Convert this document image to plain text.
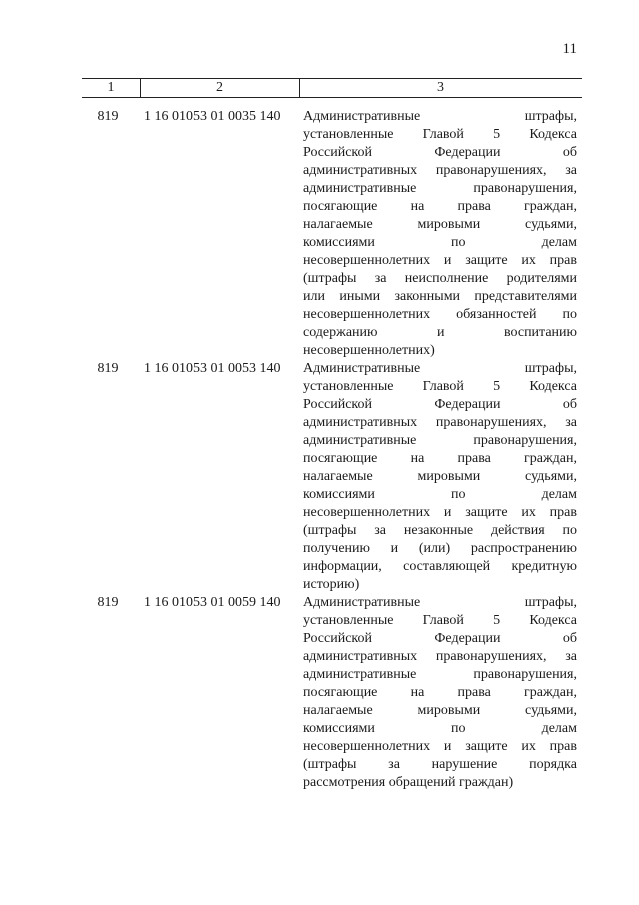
11
1	2	3
819	1 16 01053 01 0035 140	Административные штрафы,
установленные Главой 5 Кодекса
Российской Федерации об
административных правонарушениях, за
административные правонарушения,
посягающие на права граждан,
налагаемые мировыми судьями,
комиссиями по делам
несовершеннолетних и защите их прав
(штрафы за неисполнение родителями
или иными законными представителями
несовершеннолетних обязанностей по
содержанию и воспитанию
несовершеннолетних)
819	1 16 01053 01 0053 140	Административные штрафы,
установленные Главой 5 Кодекса
Российской Федерации об
административных правонарушениях, за
административные правонарушения,
посягающие на права граждан,
налагаемые мировыми судьями,
комиссиями по делам
несовершеннолетних и защите их прав
(штрафы за незаконные действия по
получению и (или) распространению
информации, составляющей кредитную
историю)
819	1 16 01053 01 0059 140	Административные штрафы,
установленные Главой 5 Кодекса
Российской Федерации об
административных правонарушениях, за
административные правонарушения,
посягающие на права граждан,
налагаемые мировыми судьями,
комиссиями по делам
несовершеннолетних и защите их прав
(штрафы за нарушение порядка
рассмотрения обращений граждан)
